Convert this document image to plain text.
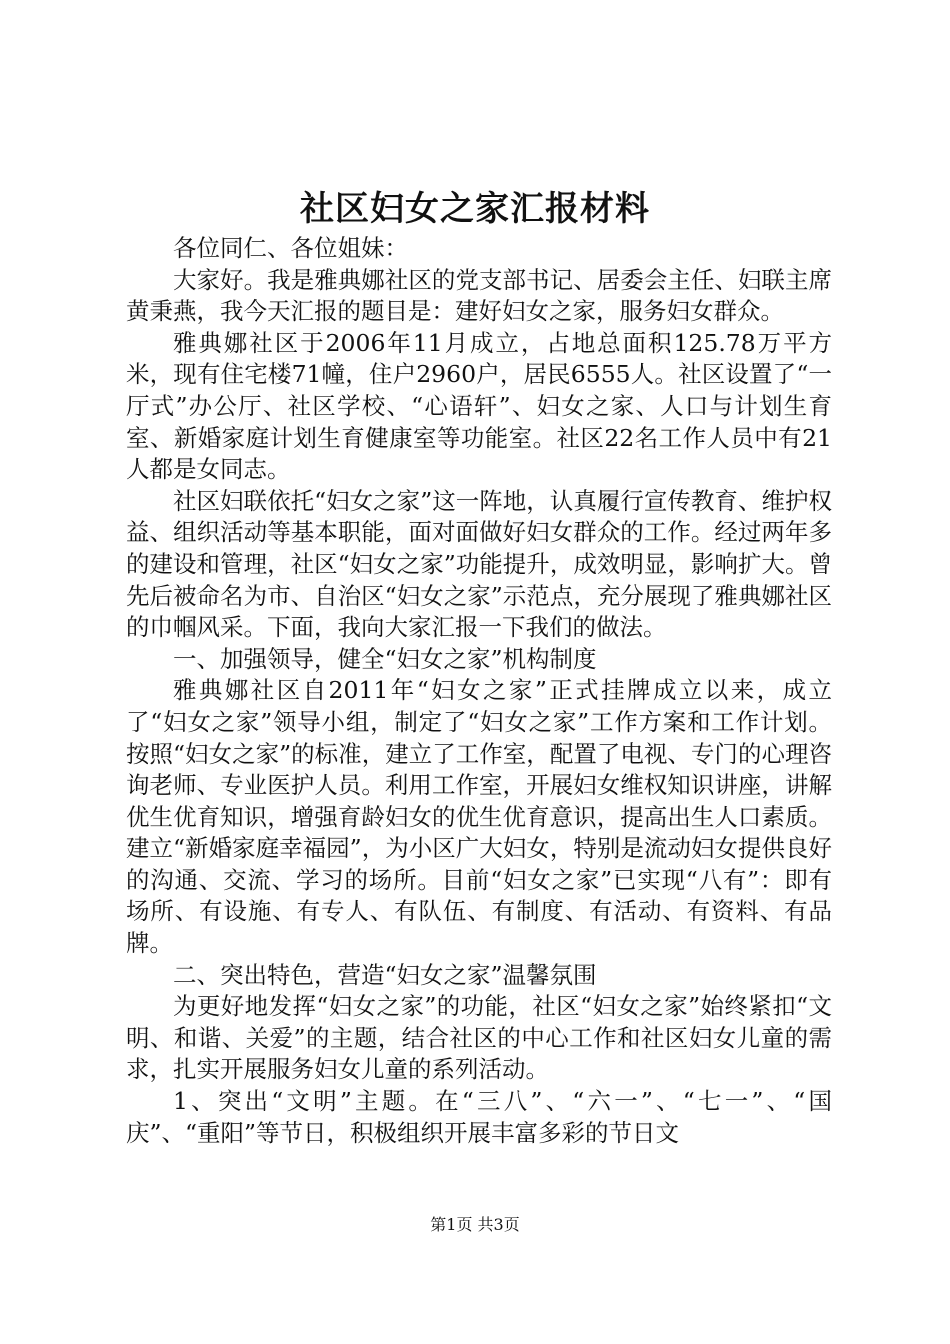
社区妇女之家汇报材料

各位同仁、各位姐妹：

大家好。我是雅典娜社区的党支部书记、居委会主任、妇联主席黄秉燕，我今天汇报的题目是：建好妇女之家，服务妇女群众。

雅典娜社区于2006年11月成立，占地总面积125.78万平方米，现有住宅楼71幢，住户2960户，居民6555人。社区设置了“一厅式”办公厅、社区学校、“心语轩”、妇女之家、人口与计划生育室、新婚家庭计划生育健康室等功能室。社区22名工作人员中有21人都是女同志。

社区妇联依托“妇女之家”这一阵地，认真履行宣传教育、维护权益、组织活动等基本职能，面对面做好妇女群众的工作。经过两年多的建设和管理，社区“妇女之家”功能提升，成效明显，影响扩大。曾先后被命名为市、自治区“妇女之家”示范点，充分展现了雅典娜社区的巾帼风采。下面，我向大家汇报一下我们的做法。

一、加强领导，健全“妇女之家”机构制度

雅典娜社区自2011年“妇女之家”正式挂牌成立以来，成立了“妇女之家”领导小组，制定了“妇女之家”工作方案和工作计划。按照“妇女之家”的标准，建立了工作室，配置了电视、专门的心理咨询老师、专业医护人员。利用工作室，开展妇女维权知识讲座，讲解优生优育知识，增强育龄妇女的优生优育意识，提高出生人口素质。建立“新婚家庭幸福园”，为小区广大妇女，特别是流动妇女提供良好的沟通、交流、学习的场所。目前“妇女之家”已实现“八有”：即有场所、有设施、有专人、有队伍、有制度、有活动、有资料、有品牌。

二、突出特色，营造“妇女之家”温馨氛围

为更好地发挥“妇女之家”的功能，社区“妇女之家”始终紧扣“文明、和谐、关爱”的主题，结合社区的中心工作和社区妇女儿童的需求，扎实开展服务妇女儿童的系列活动。

1、突出“文明”主题。在“三八”、“六一”、“七一”、“国庆”、“重阳”等节日，积极组织开展丰富多彩的节日文

第1页 共3页
